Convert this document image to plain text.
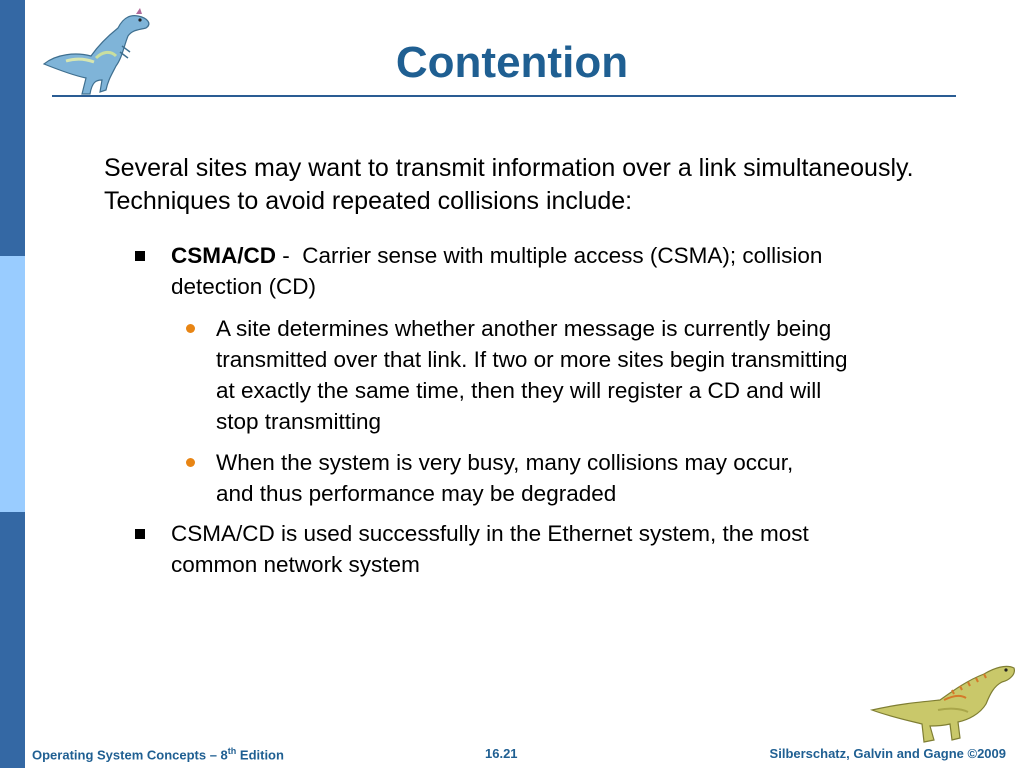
Contention
Several sites may want to transmit information over a link simultaneously. Techniques to avoid repeated collisions include:
CSMA/CD -  Carrier sense with multiple access (CSMA); collision detection (CD)
A site determines whether another message is currently being transmitted over that link. If two or more sites begin transmitting at exactly the same time, then they will register a CD and will stop transmitting
When the system is very busy, many collisions may occur, and thus performance may be degraded
CSMA/CD is used successfully in the Ethernet system, the most common network system
Operating System Concepts – 8th Edition	16.21	Silberschatz, Galvin and Gagne ©2009
